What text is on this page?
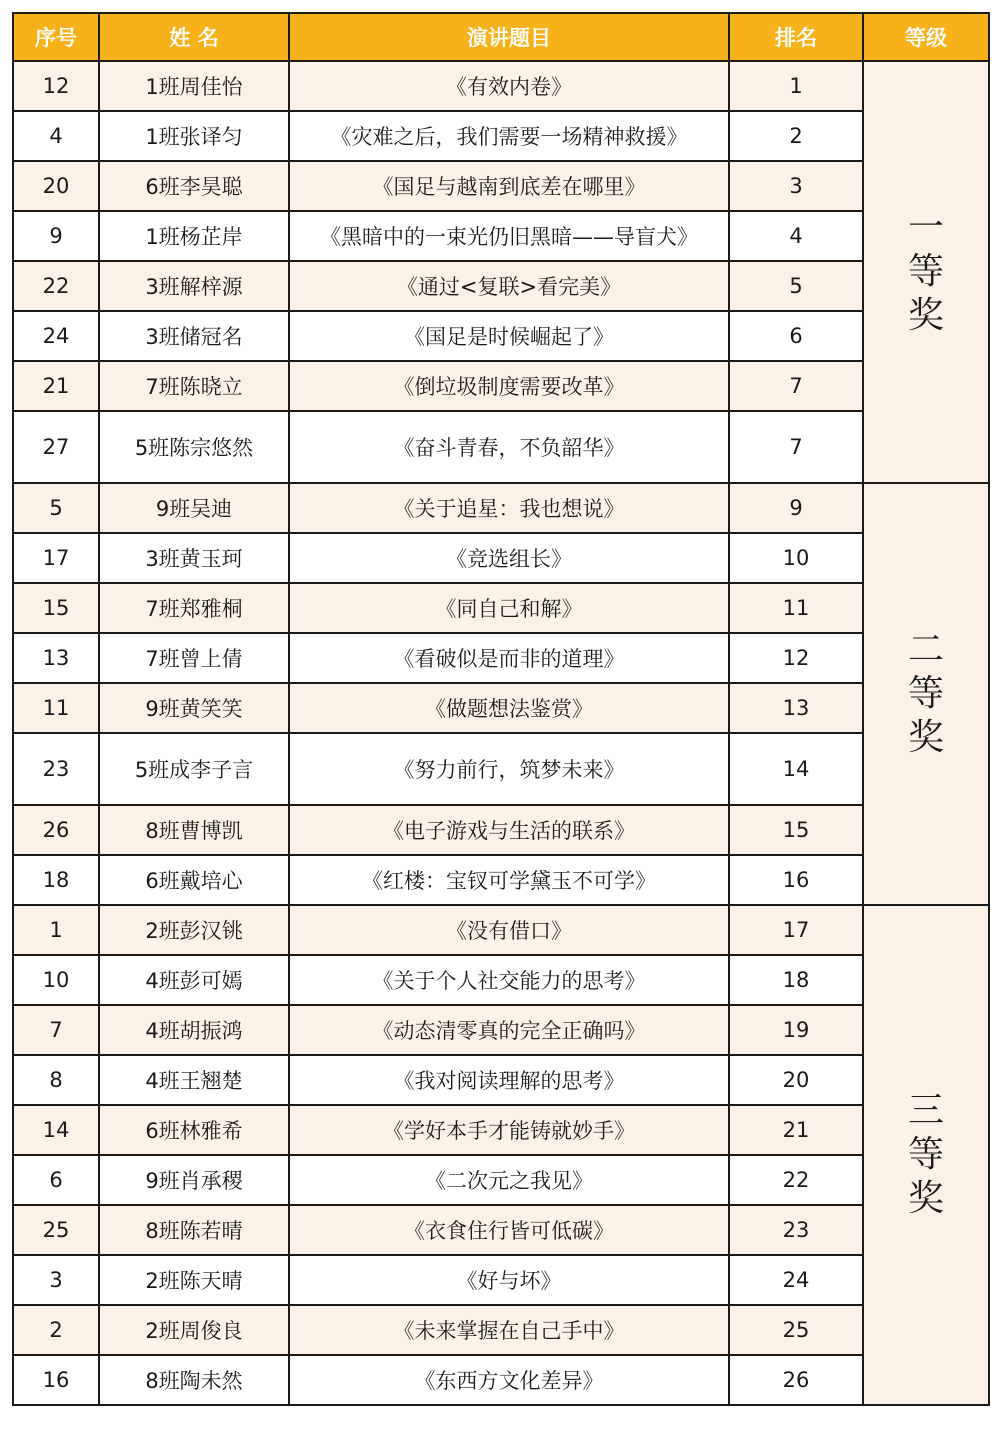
序号	姓 名	演讲题目	排名	等级
12	1班周佳怡	《有效内卷》	1	一等奖
4	1班张译匀	《灾难之后，我们需要一场精神救援》	2	
20	6班李昊聪	《国足与越南到底差在哪里》	3	
9	1班杨芷岸	《黑暗中的一束光仍旧黑暗——导盲犬》	4	
22	3班解梓源	《通过<复联>看完美》	5	
24	3班储冠名	《国足是时候崛起了》	6	
21	7班陈晓立	《倒垃圾制度需要改革》	7	
27	5班陈宗悠然	《奋斗青春，不负韶华》	7	
5	9班吴迪	《关于追星：我也想说》	9	二等奖
17	3班黄玉珂	《竞选组长》	10	
15	7班郑雅桐	《同自己和解》	11	
13	7班曾上倩	《看破似是而非的道理》	12	
11	9班黄笑笑	《做题想法鉴赏》	13	
23	5班成李子言	《努力前行，筑梦未来》	14	
26	8班曹博凯	《电子游戏与生活的联系》	15	
18	6班戴培心	《红楼：宝钗可学黛玉不可学》	16	
1	2班彭汉铫	《没有借口》	17	三等奖
10	4班彭可嫣	《关于个人社交能力的思考》	18	
7	4班胡振鸿	《动态清零真的完全正确吗》	19	
8	4班王翘楚	《我对阅读理解的思考》	20	
14	6班林雅希	《学好本手才能铸就妙手》	21	
6	9班肖承稷	《二次元之我见》	22	
25	8班陈若晴	《衣食住行皆可低碳》	23	
3	2班陈天晴	《好与坏》	24	
2	2班周俊良	《未来掌握在自己手中》	25	
16	8班陶未然	《东西方文化差异》	26	
